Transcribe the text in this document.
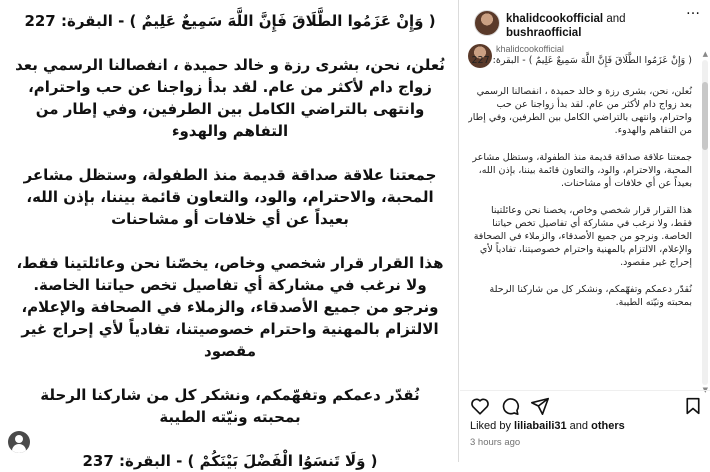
( وَإِنْ عَزَمُوا الطَّلَاقَ فَإِنَّ اللَّهَ سَمِيعٌ عَلِيمٌ ) - البقرة: 227

نُعلن، نحن، بشرى رزة و خالد حميدة ، انفصالنا الرسمي بعد زواج دام لأكثر من عام. لقد بدأ زواجنا عن حب واحترام، وانتهى بالتراضي الكامل بين الطرفين، وفي إطار من التفاهم والهدوء

جمعتنا علاقة صداقة قديمة منذ الطفولة، وستظل مشاعر المحبة، والاحترام، والود، والتعاون قائمة بيننا، بإذن الله، بعيداً عن أي خلافات أو مشاحنات

هذا القرار قرار شخصي وخاص، يخصّنا نحن وعائلتينا فقط، ولا نرغب في مشاركة أي تفاصيل تخص حياتنا الخاصة. ونرجو من جميع الأصدقاء، والزملاء في الصحافة والإعلام، الالتزام بالمهنية واحترام خصوصيتنا، تفادياً لأي إحراج غير مقصود

نُقدّر دعمكم وتفهّمكم، ونشكر كل من شاركنا الرحلة بمحبته ونيّته الطيبة

( وَلَا تَنسَوُا الْفَضْلَ بَيْنَكُمْ ) - البقرة: 237

khalidcookofficial and
bushraofficial
…
khalidcookofficial

( وَإِنْ عَزَمُوا الطَّلَاقَ فَإِنَّ اللَّهَ سَمِيعٌ عَلِيمٌ ) - البقرة: 227

نُعلن، نحن، بشرى رزة و خالد حميدة ، انفصالنا الرسمي بعد زواج دام لأكثر من عام. لقد بدأ زواجنا عن حب واحترام، وانتهى بالتراضي الكامل بين الطرفين، وفي إطار من التفاهم والهدوء.

جمعتنا علاقة صداقة قديمة منذ الطفولة، وستظل مشاعر المحبة، والاحترام، والود، والتعاون قائمة بيننا، بإذن الله، بعيداً عن أي خلافات أو مشاحنات.

هذا القرار قرار شخصي وخاص، يخصنا نحن وعائلتينا فقط، ولا نرغب في مشاركة أي تفاصيل تخص حياتنا الخاصة. ونرجو من جميع الأصدقاء، والزملاء في الصحافة والإعلام، الالتزام بالمهنية واحترام خصوصيتنا، تفادياً لأي إحراج غير مقصود.

نُقدّر دعمكم وتفهّمكم، ونشكر كل من شاركنا الرحلة بمحبته ونيّته الطيبة.

▲
▼
Liked by liliabaili31 and others
3 hours ago
